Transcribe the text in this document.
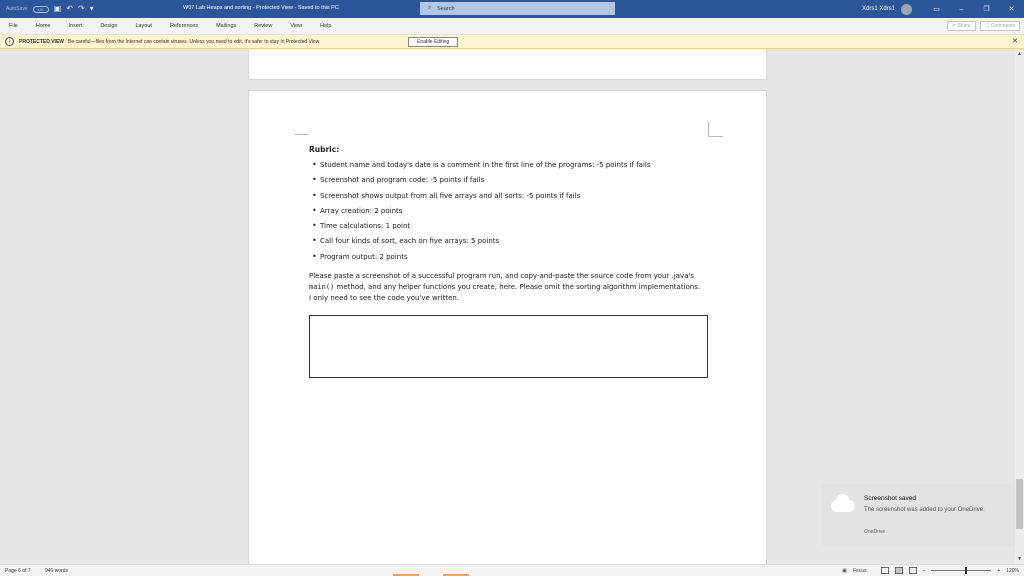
AutoSave	Off	▣ ↶ ↷ ▾	W07 Lab Heaps and sorting - Protected View - Saved to this PC	⌕ Search	Xdrs1 Xdrs1	▭	–	❐	✕
File	Home	Insert	Design	Layout	References	Mailings	Review	View	Help	⇗
Share	▢
Comments
i	PROTECTED VIEW Be careful—files from the Internet can contain viruses. Unless you need to edit, it's safer to stay in Protected View.	Enable Editing	✕
Rubric:
• Student name and today's date is a comment in the first line of the programs: -5 points if fails
• Screenshot and program code: -5 points if fails
• Screenshot shows output from all five arrays and all sorts: -5 points if fails
• Array creation: 2 points
• Time calculations: 1 point
• Call four kinds of sort, each on five arrays: 5 points
• Program output: 2 points

Please paste a screenshot of a successful program run, and copy-and-paste the source code from your .java's main() method, and any helper functions you create, here. Please omit the sorting algorithm implementations. I only need to see the code you've written.

▲
▼
Screenshot saved
The screenshot was added to your OneDrive.
OneDrive
Page 6 of 7	946 words	▣ Focus	–	+ 120%
